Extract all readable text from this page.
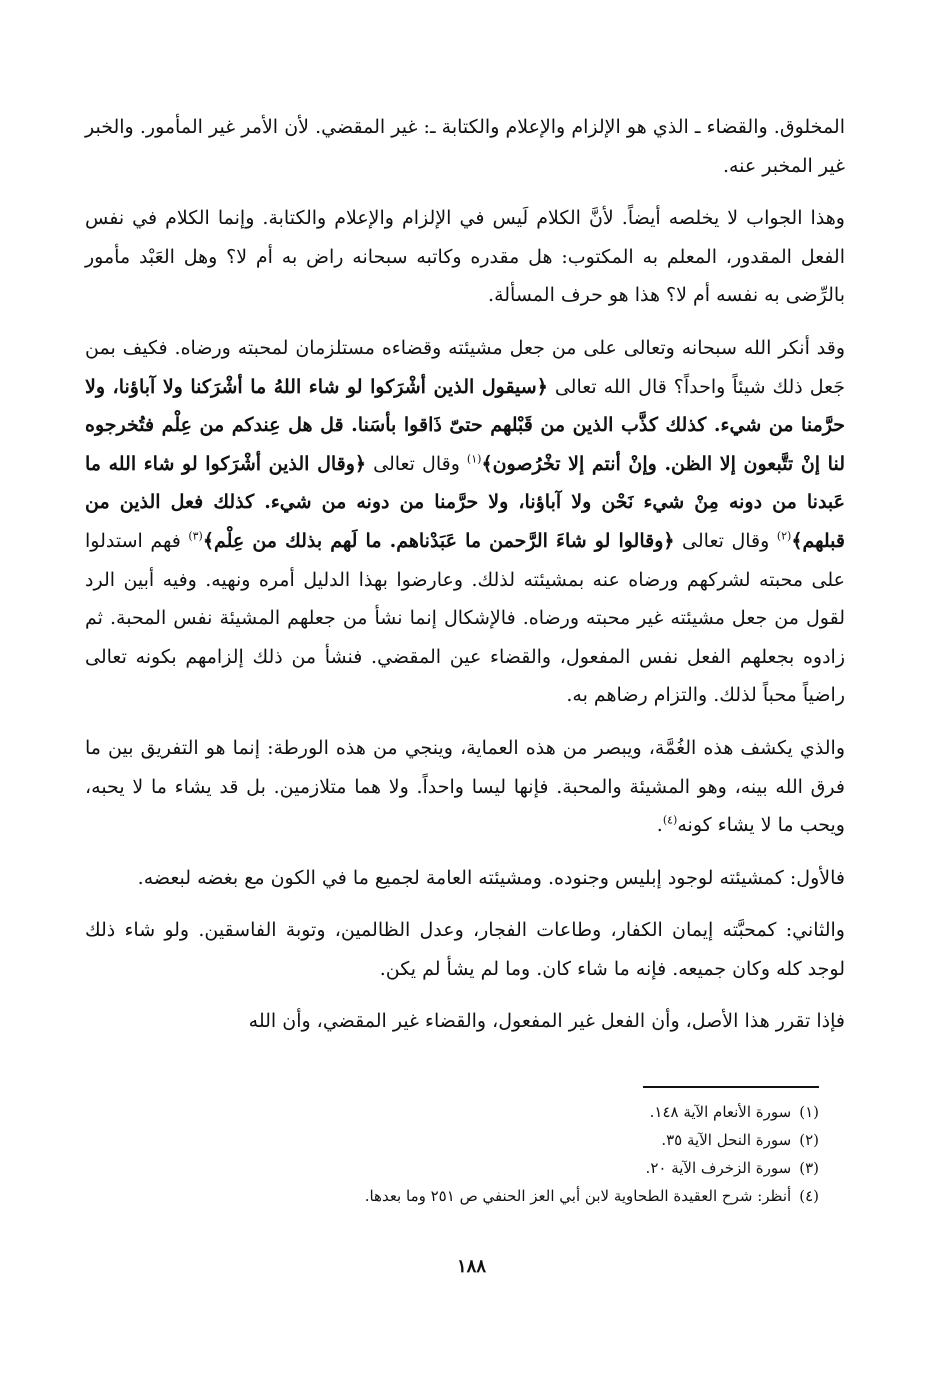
المخلوق. والقضاء ـ الذي هو الإلزام والإعلام والكتابة ـ: غير المقضي. لأن الأمر غير المأمور. والخبر غير المخبر عنه.

وهذا الجواب لا يخلصه أيضاً. لأنَّ الكلام لَيس في الإلزام والإعلام والكتابة. وإنما الكلام في نفس الفعل المقدور، المعلم به المكتوب: هل مقدره وكاتبه سبحانه راض به أم لا؟ وهل العَبْد مأمور بالرِّضى به نفسه أم لا؟ هذا هو حرف المسألة.

وقد أنكر الله سبحانه وتعالى على من جعل مشيئته وقضاءه مستلزمان لمحبته ورضاه. فكيف بمن جَعل ذلك شيئاً واحداً؟ قال الله تعالى ﴿سيقول الذين أشْرَكوا لو شاء اللهُ ما أشْرَكنا ولا آباؤنا، ولا حرَّمنا من شيء. كذلك كذَّب الذين من قَبْلهم حتىّ ذَاقوا بأسَنا. قل هل عِندكم من عِلْم فتُخرجوه لنا إنْ تتَّبعون إلا الظن. وإنْ أنتم إلا تخْرُصون﴾$^{(١)}$ وقال تعالى ﴿وقال الذين أشْرَكوا لو شاء الله ما عَبدنا من دونه مِنْ شيء نَحْن ولا آباؤنا، ولا حرَّمنا من دونه من شيء. كذلك فعل الذين من قبلهم﴾$^{(٢)}$ وقال تعالى ﴿وقالوا لو شاءَ الرَّحمن ما عَبَدْناهم. ما لَهم بذلك من عِلْم﴾$^{(٣)}$ فهم استدلوا على محبته لشركهم ورضاه عنه بمشيئته لذلك. وعارضوا بهذا الدليل أمره ونهيه. وفيه أبين الرد لقول من جعل مشيئته غير محبته ورضاه. فالإشكال إنما نشأ من جعلهم المشيئة نفس المحبة. ثم زادوه بجعلهم الفعل نفس المفعول، والقضاء عين المقضي. فنشأ من ذلك إلزامهم بكونه تعالى راضياً محباً لذلك. والتزام رضاهم به.

والذي يكشف هذه الغُمَّة، ويبصر من هذه العماية، وينجي من هذه الورطة: إنما هو التفريق بين ما فرق الله بينه، وهو المشيئة والمحبة. فإنها ليسا واحداً. ولا هما متلازمين. بل قد يشاء ما لا يحبه، ويحب ما لا يشاء كونه$^{(٤)}$.

فالأول: كمشيئته لوجود إبليس وجنوده. ومشيئته العامة لجميع ما في الكون مع بغضه لبعضه.

والثاني: كمحبَّته إيمان الكفار، وطاعات الفجار، وعدل الظالمين، وتوبة الفاسقين. ولو شاء ذلك لوجد كله وكان جميعه. فإنه ما شاء كان. وما لم يشأ لم يكن.

فإذا تقرر هذا الأصل، وأن الفعل غير المفعول، والقضاء غير المقضي، وأن الله

(١)سورة الأنعام الآية ١٤٨.
(٢)سورة النحل الآية ٣٥.
(٣)سورة الزخرف الآية ٢٠.
(٤)أنظر: شرح العقيدة الطحاوية لابن أبي العز الحنفي ص ٢٥١ وما بعدها.
١٨٨
